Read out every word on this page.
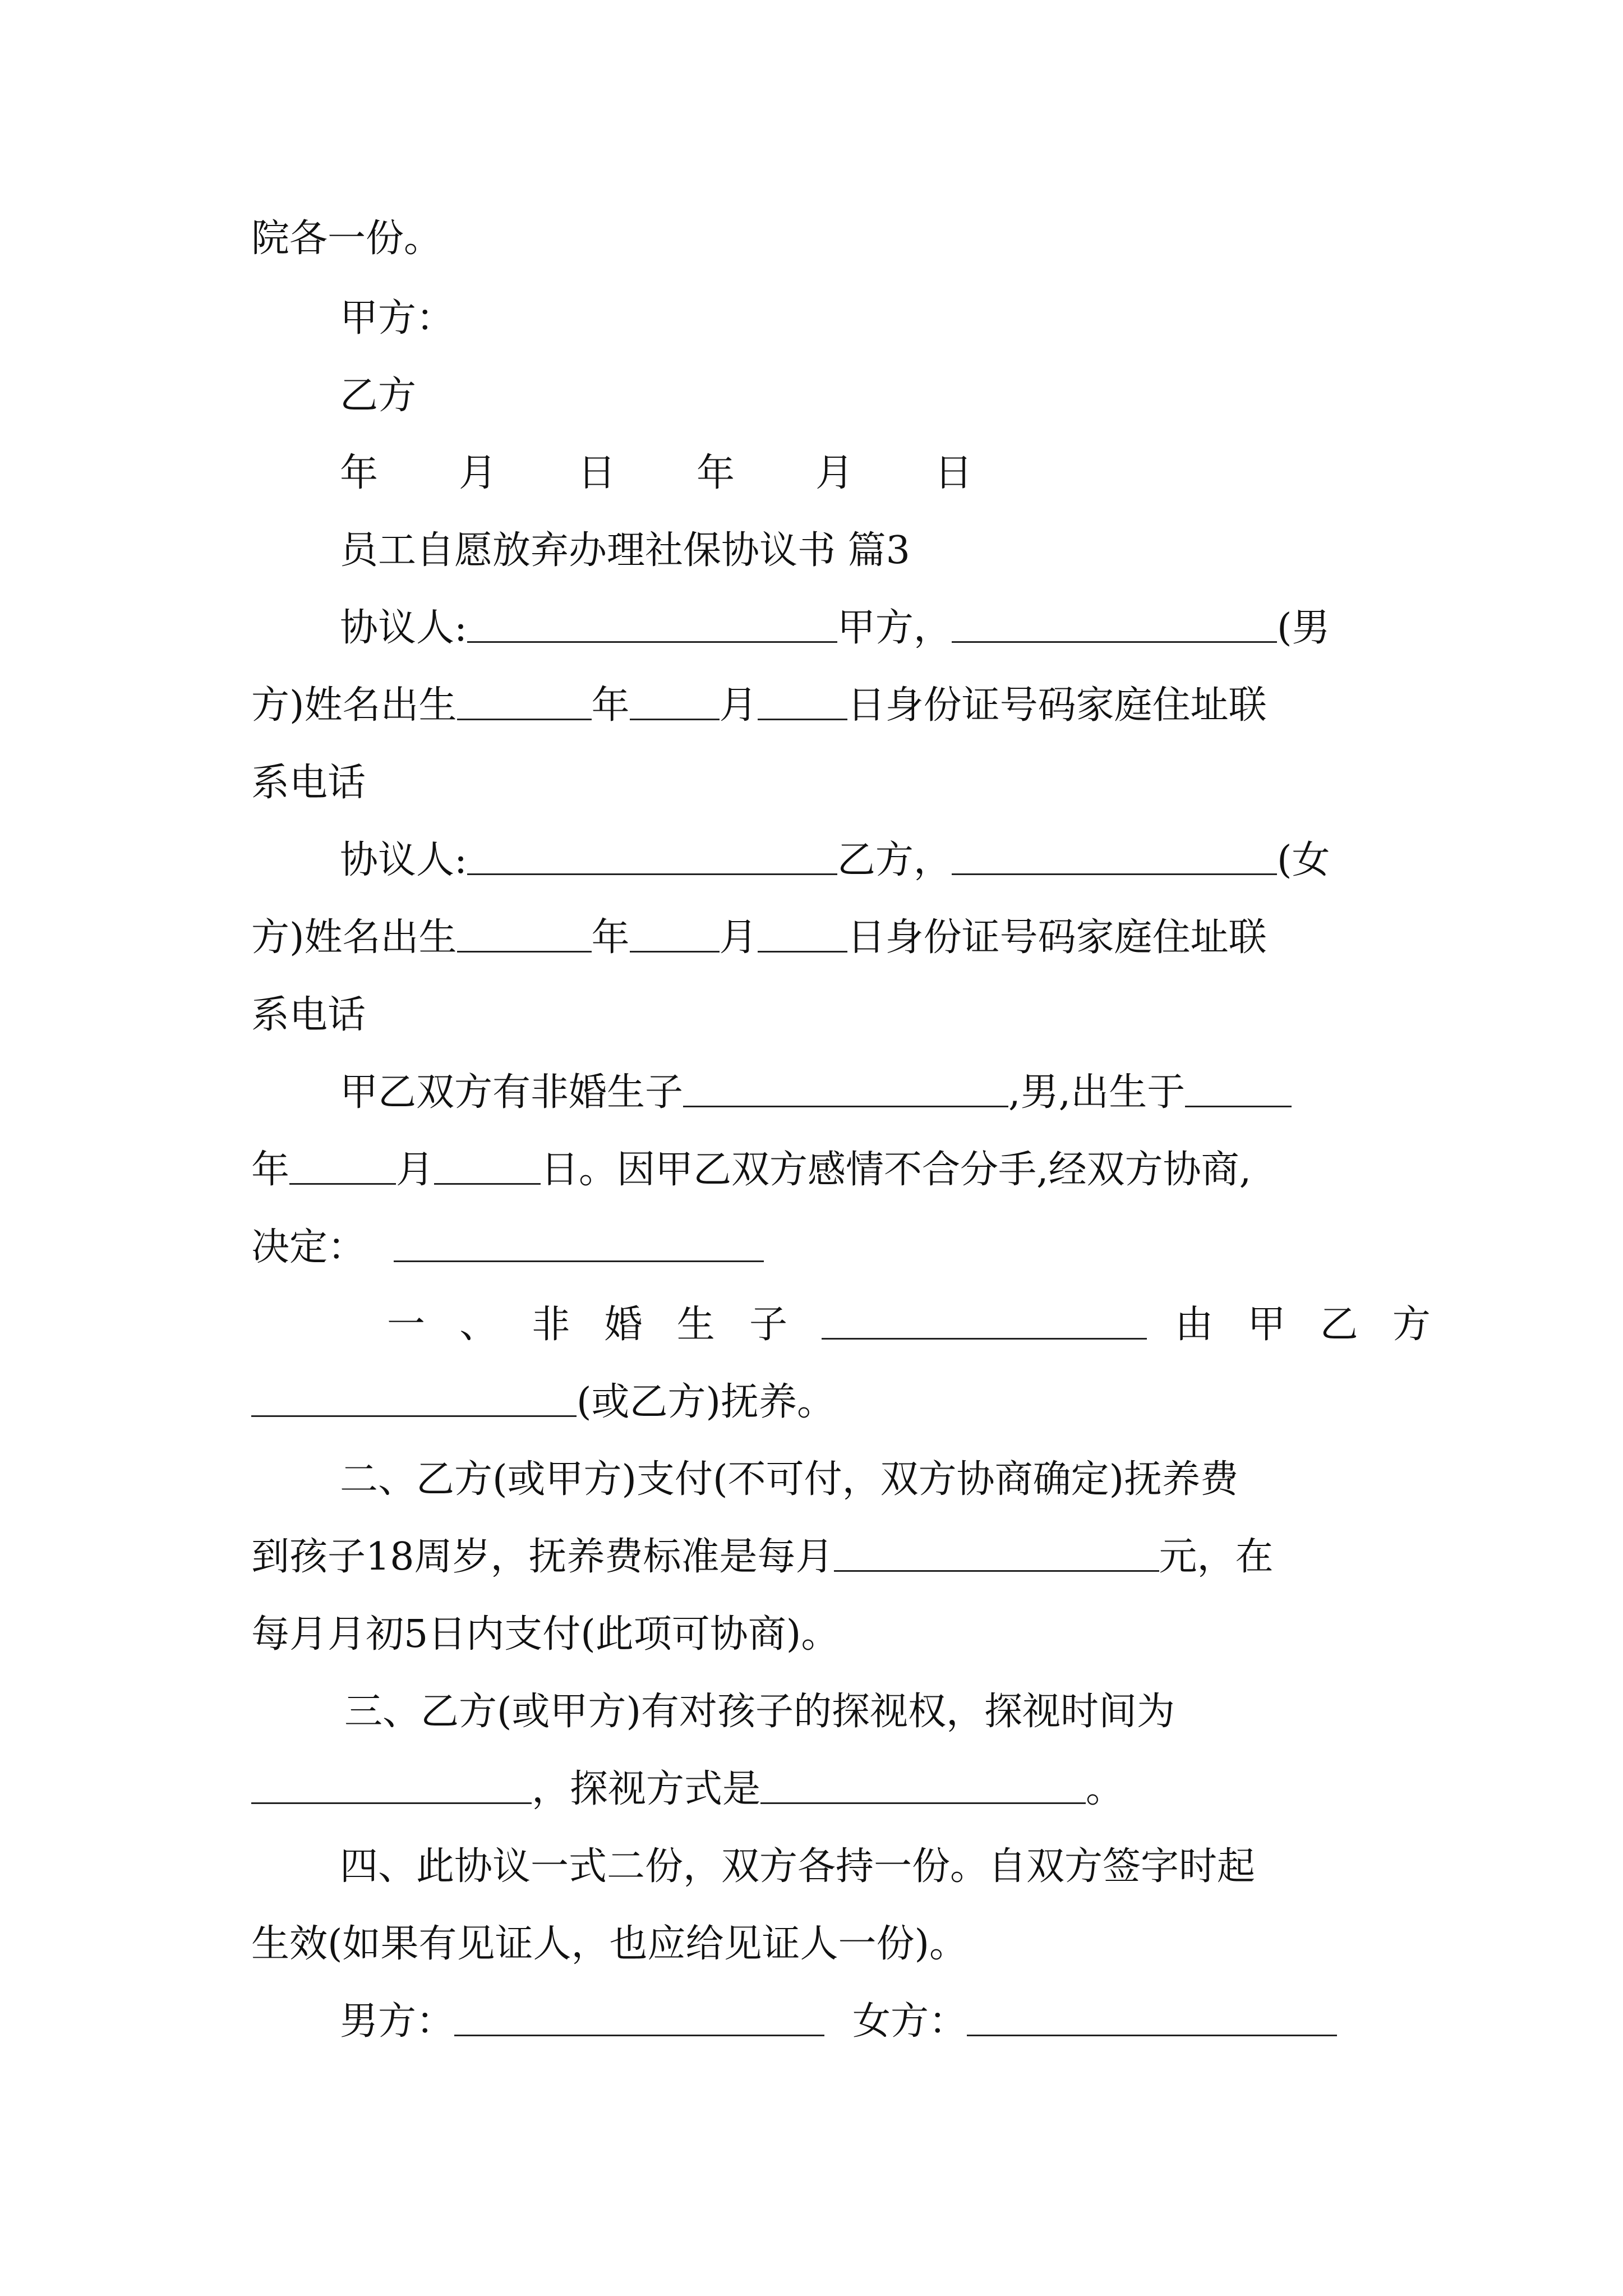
院各一份。
甲方：
乙方
年 月 日 年 月 日
员工自愿放弃办理社保协议书 篇3
协议人:	甲方，	(男
方)姓名出生	年 月 日身份证号码家庭住址联
系电话
协议人:	乙方，	(女
方)姓名出生	年 月 日身份证号码家庭住址联
系电话
甲乙双方有非婚生子	,男,出生于
年	月	日。因甲乙双方感情不合分手,经双方协商,
决定：
一、非婚生子	由甲乙方
(或乙方)抚养。
二、乙方(或甲方)支付(不可付，双方协商确定)抚养费
到孩子18周岁，抚养费标准是每月	元，在
每月月初5日内支付(此项可协商)。
三、乙方(或甲方)有对孩子的探视权，探视时间为
，探视方式是	。
四、此协议一式二份，双方各持一份。自双方签字时起
生效(如果有见证人，也应给见证人一份)。
男方：	女方：
